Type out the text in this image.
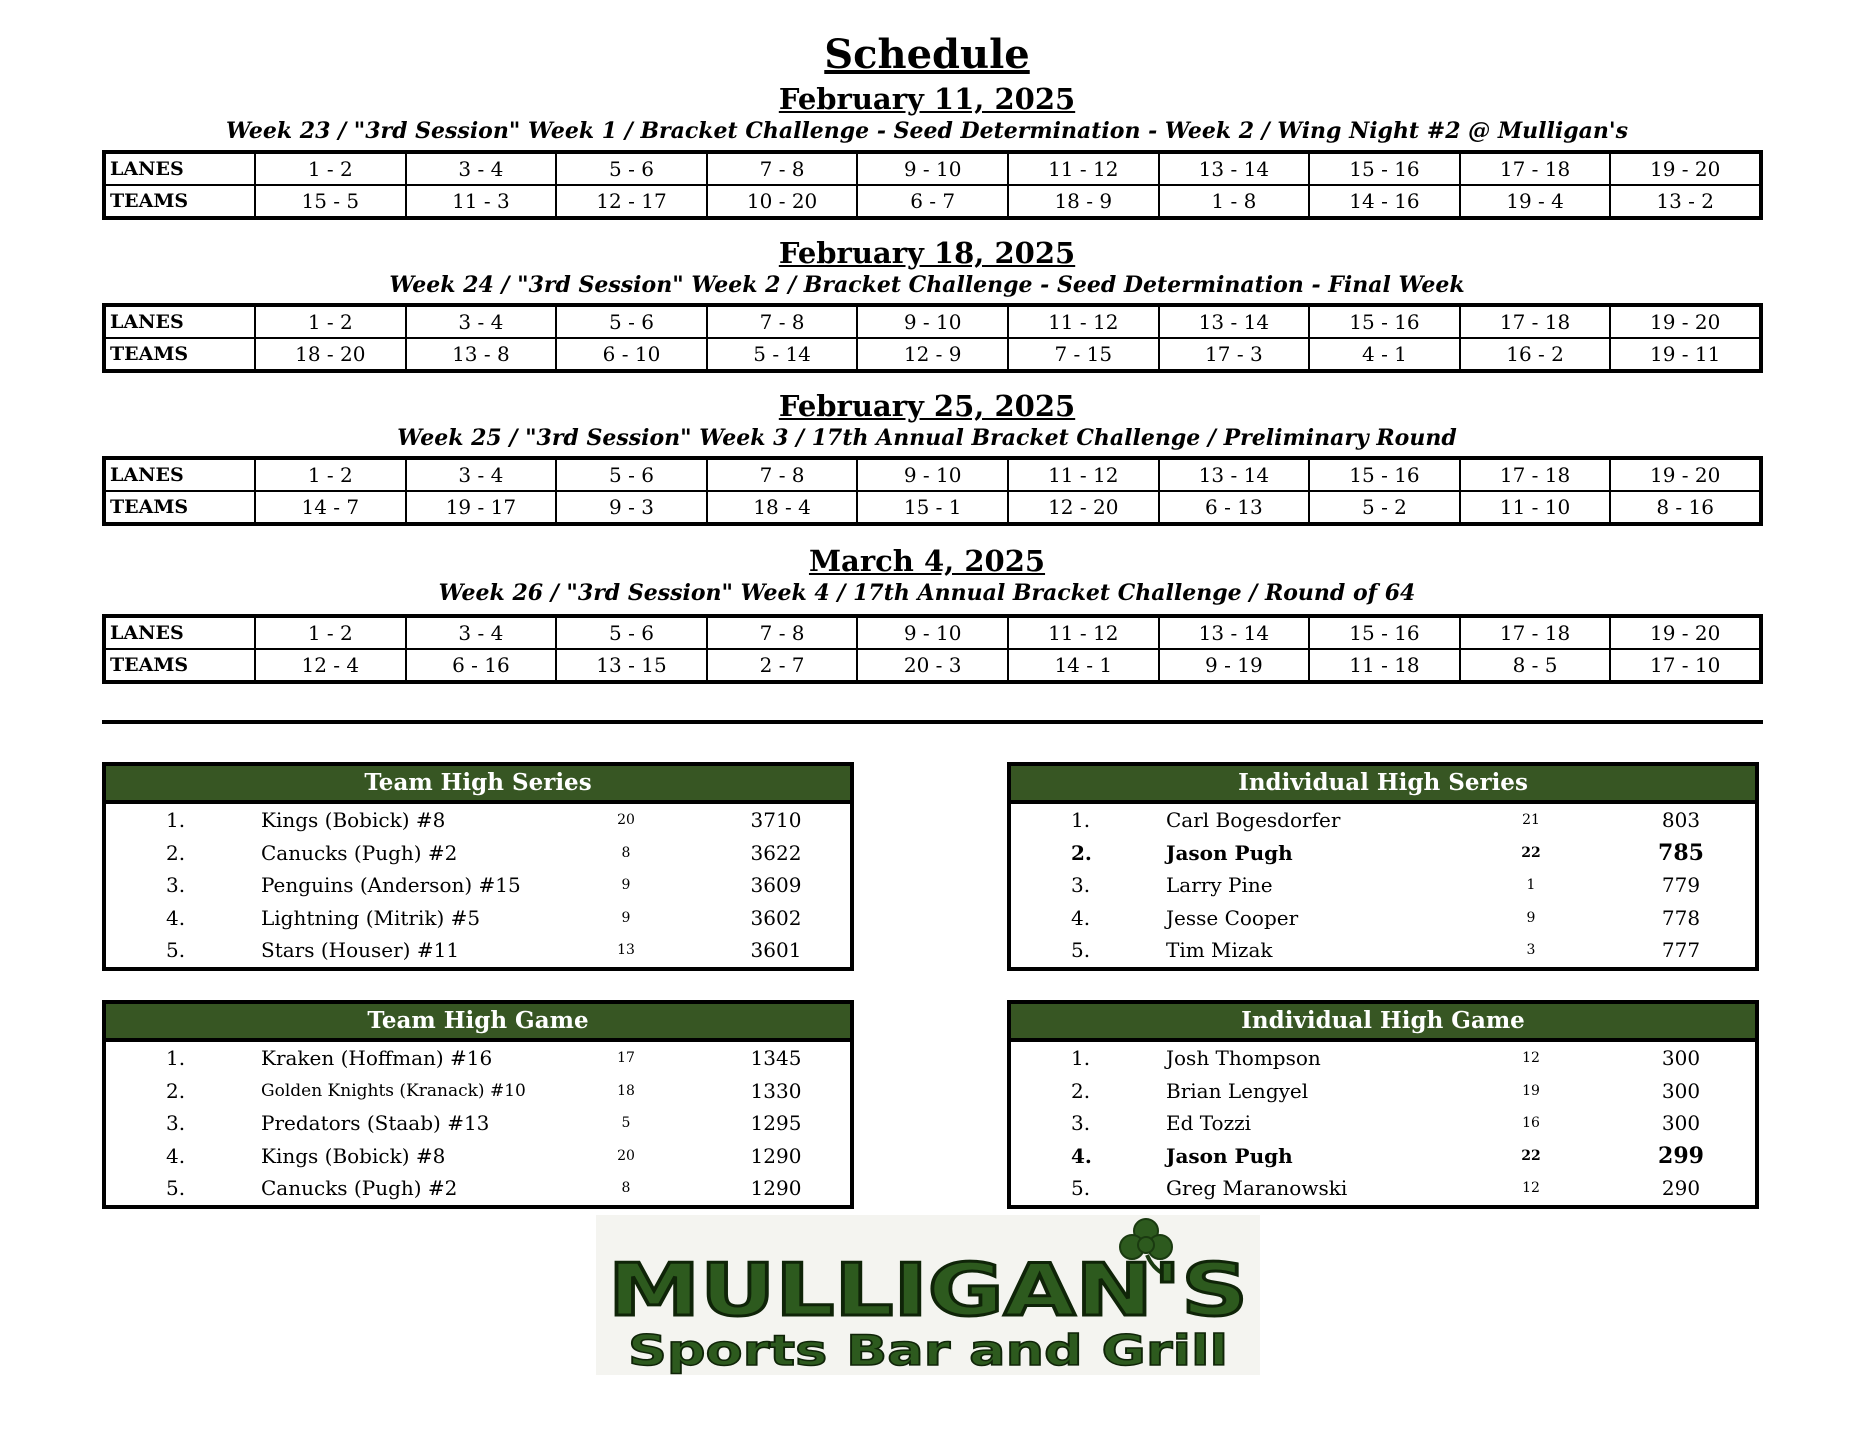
Schedule
February 11, 2025
Week 23 / "3rd Session" Week 1 / Bracket Challenge - Seed Determination - Week 2 / Wing Night #2 @ Mulligan's
LANES	1 - 2	3 - 4	5 - 6	7 - 8	9 - 10	11 - 12	13 - 14	15 - 16	17 - 18	19 - 20
TEAMS	15 - 5	11 - 3	12 - 17	10 - 20	6 - 7	18 - 9	1 - 8	14 - 16	19 - 4	13 - 2
February 18, 2025
Week 24 / "3rd Session" Week 2 / Bracket Challenge - Seed Determination - Final Week
LANES	1 - 2	3 - 4	5 - 6	7 - 8	9 - 10	11 - 12	13 - 14	15 - 16	17 - 18	19 - 20
TEAMS	18 - 20	13 - 8	6 - 10	5 - 14	12 - 9	7 - 15	17 - 3	4 - 1	16 - 2	19 - 11
February 25, 2025
Week 25 / "3rd Session" Week 3 / 17th Annual Bracket Challenge / Preliminary Round
LANES	1 - 2	3 - 4	5 - 6	7 - 8	9 - 10	11 - 12	13 - 14	15 - 16	17 - 18	19 - 20
TEAMS	14 - 7	19 - 17	9 - 3	18 - 4	15 - 1	12 - 20	6 - 13	5 - 2	11 - 10	8 - 16
March 4, 2025
Week 26 / "3rd Session" Week 4 / 17th Annual Bracket Challenge / Round of 64
LANES	1 - 2	3 - 4	5 - 6	7 - 8	9 - 10	11 - 12	13 - 14	15 - 16	17 - 18	19 - 20
TEAMS	12 - 4	6 - 16	13 - 15	2 - 7	20 - 3	14 - 1	9 - 19	11 - 18	8 - 5	17 - 10
Team High Series
1.	Kings (Bobick) #8	20	3710
2.	Canucks (Pugh) #2	8	3622
3.	Penguins (Anderson) #15	9	3609
4.	Lightning (Mitrik) #5	9	3602
5.	Stars (Houser) #11	13	3601
Individual High Series
1.	Carl Bogesdorfer	21	803
2.	Jason Pugh	22	785
3.	Larry Pine	1	779
4.	Jesse Cooper	9	778
5.	Tim Mizak	3	777
Team High Game
1.	Kraken (Hoffman) #16	17	1345
2.	Golden Knights (Kranack) #10	18	1330
3.	Predators (Staab) #13	5	1295
4.	Kings (Bobick) #8	20	1290
5.	Canucks (Pugh) #2	8	1290
Individual High Game
1.	Josh Thompson	12	300
2.	Brian Lengyel	19	300
3.	Ed Tozzi	16	300
4.	Jason Pugh	22	299
5.	Greg Maranowski	12	290
MULLIGAN'S
Sports Bar and Grill
